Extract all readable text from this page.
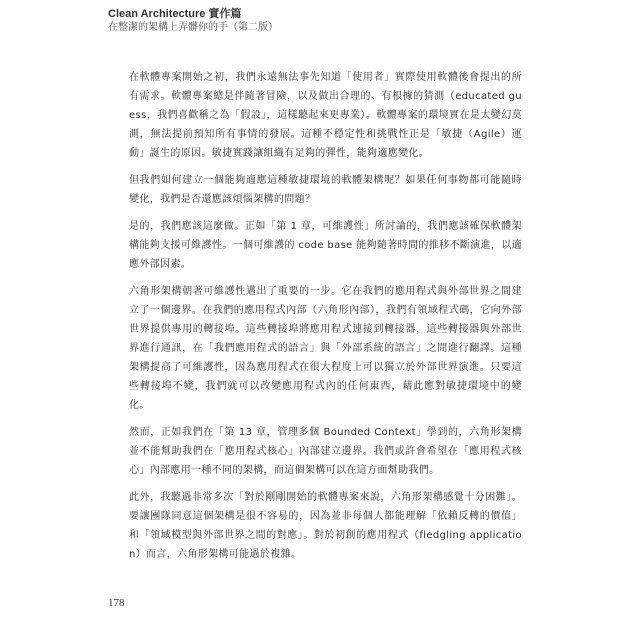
Clean Architecture 實作篇
在整潔的架構上弄髒你的手（第二版）

在軟體專案開始之初，我們永遠無法事先知道「使用者」實際使用軟體後會提出的所有需求。軟體專案總是伴隨著冒險，以及做出合理的、有根據的猜測（educated guess，我們喜歡稱之為「假設」，這樣聽起來更專業）。軟體專案的環境實在是太變幻莫測，無法提前預知所有事情的發展。這種不穩定性和挑戰性正是「敏捷（Agile）運動」誕生的原因。敏捷實踐讓組織有足夠的彈性，能夠適應變化。

但我們如何建立一個能夠適應這種敏捷環境的軟體架構呢？如果任何事物都可能隨時變化，我們是否還應該煩惱架構的問題？

是的，我們應該這麼做。正如「第 1 章，可維護性」所討論的，我們應該確保軟體架構能夠支援可維護性。一個可維護的 code base 能夠隨著時間的推移不斷演進，以適應外部因素。

六角形架構朝著可維護性邁出了重要的一步。它在我們的應用程式與外部世界之間建立了一個邊界。在我們的應用程式內部（六角形內部），我們有領域程式碼，它向外部世界提供專用的轉接埠。這些轉接埠將應用程式連接到轉接器，這些轉接器與外部世界進行通訊，在「我們應用程式的語言」與「外部系統的語言」之間進行翻譯。這種架構提高了可維護性，因為應用程式在很大程度上可以獨立於外部世界演進。只要這些轉接埠不變，我們就可以改變應用程式內的任何東西，藉此應對敏捷環境中的變化。

然而，正如我們在「第 13 章，管理多個 Bounded Context」學到的，六角形架構並不能幫助我們在「應用程式核心」內部建立邊界。我們或許會希望在「應用程式核心」內部應用一種不同的架構，而這個架構可以在這方面幫助我們。

此外，我聽過非常多次「對於剛剛開始的軟體專案來說，六角形架構感覺十分困難」。要讓團隊同意這個架構是很不容易的，因為並非每個人都能理解「依賴反轉的價值」和「領域模型與外部世界之間的對應」。對於初創的應用程式（fledgling application）而言，六角形架構可能過於複雜。

178
